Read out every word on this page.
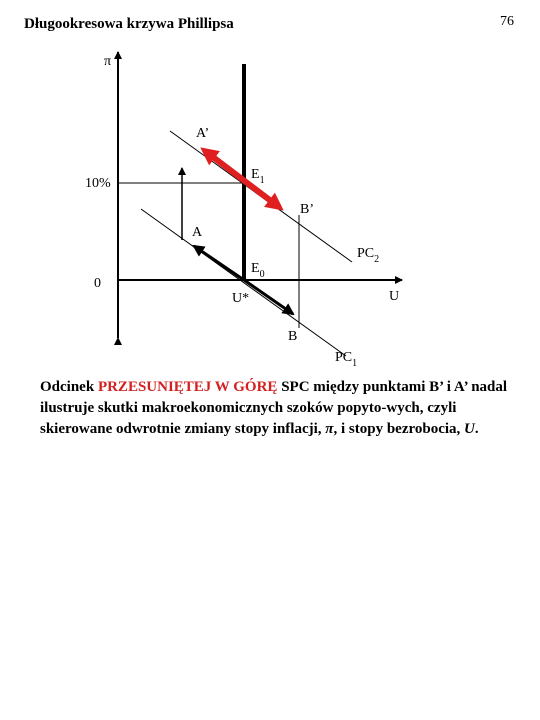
Długookresowa krzywa Phillipsa	76
π
U
10%
0
U*
A’
$E_1$
B’
A
$PC_2$
$E_0$
B
$PC_1$
Odcinek PRZESUNIĘTEJ W GÓRĘ SPC między punktami B’ i A’ nadal ilustruje skutki makroekonomicznych szoków popyto-wych, czyli skierowane odwrotnie zmiany stopy inflacji, π, i stopy bezrobocia, U.
